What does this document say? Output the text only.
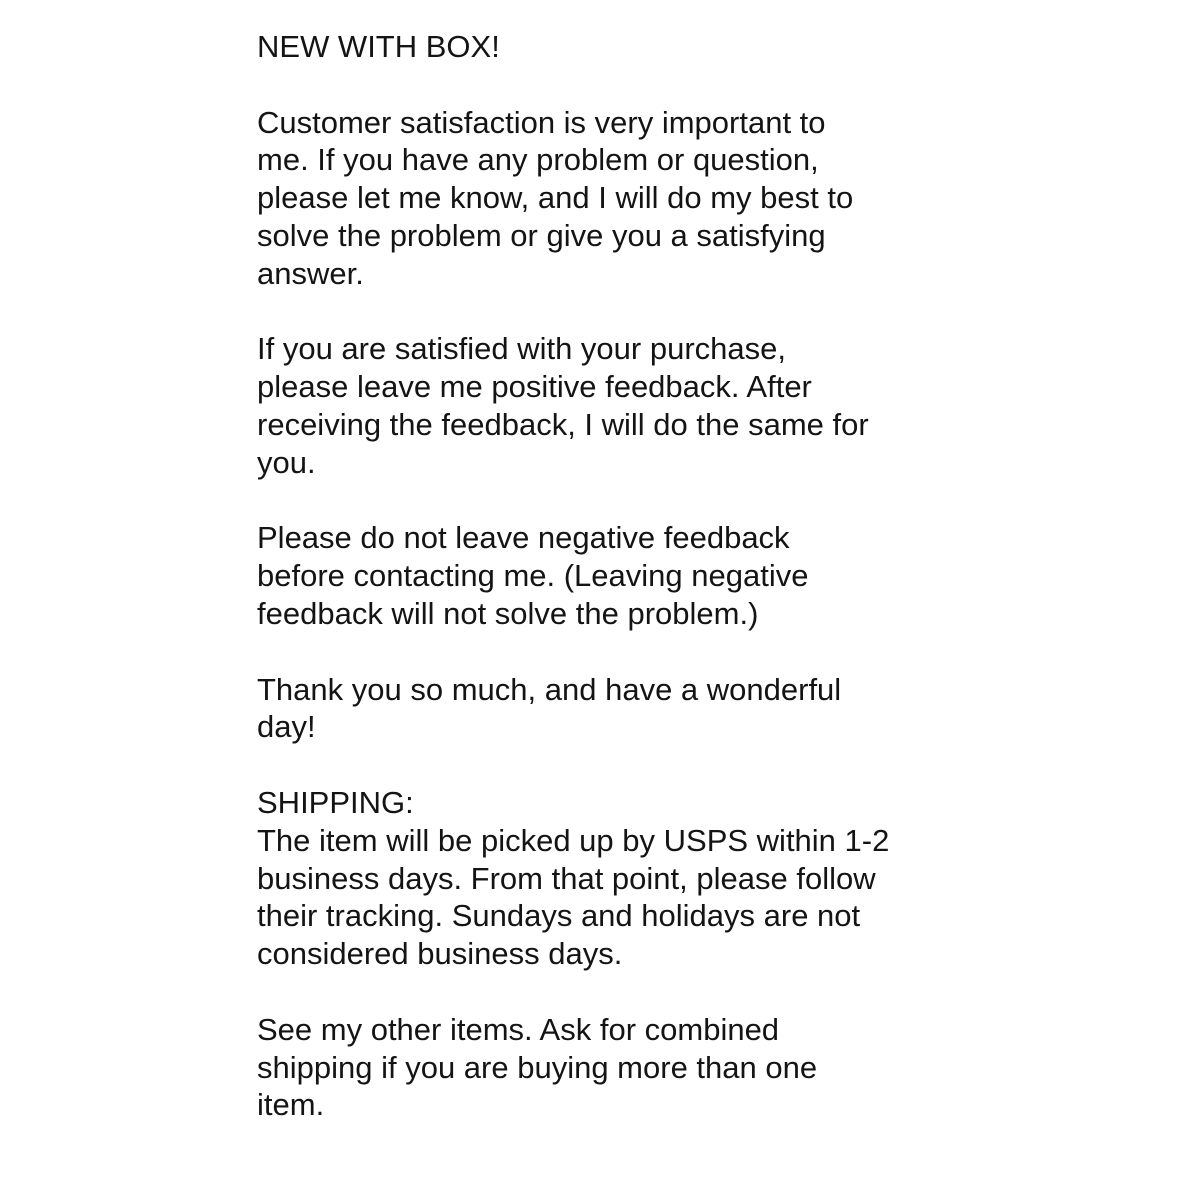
NEW WITH BOX!

Customer satisfaction is very important to

me. If you have any problem or question,

please let me know, and I will do my best to

solve the problem or give you a satisfying

answer.

If you are satisfied with your purchase,

please leave me positive feedback. After

receiving the feedback, I will do the same for

you.

Please do not leave negative feedback

before contacting me. (Leaving negative

feedback will not solve the problem.)

Thank you so much, and have a wonderful

day!

SHIPPING:

The item will be picked up by USPS within 1-2

business days. From that point, please follow

their tracking. Sundays and holidays are not

considered business days.

See my other items. Ask for combined

shipping if you are buying more than one

item.
